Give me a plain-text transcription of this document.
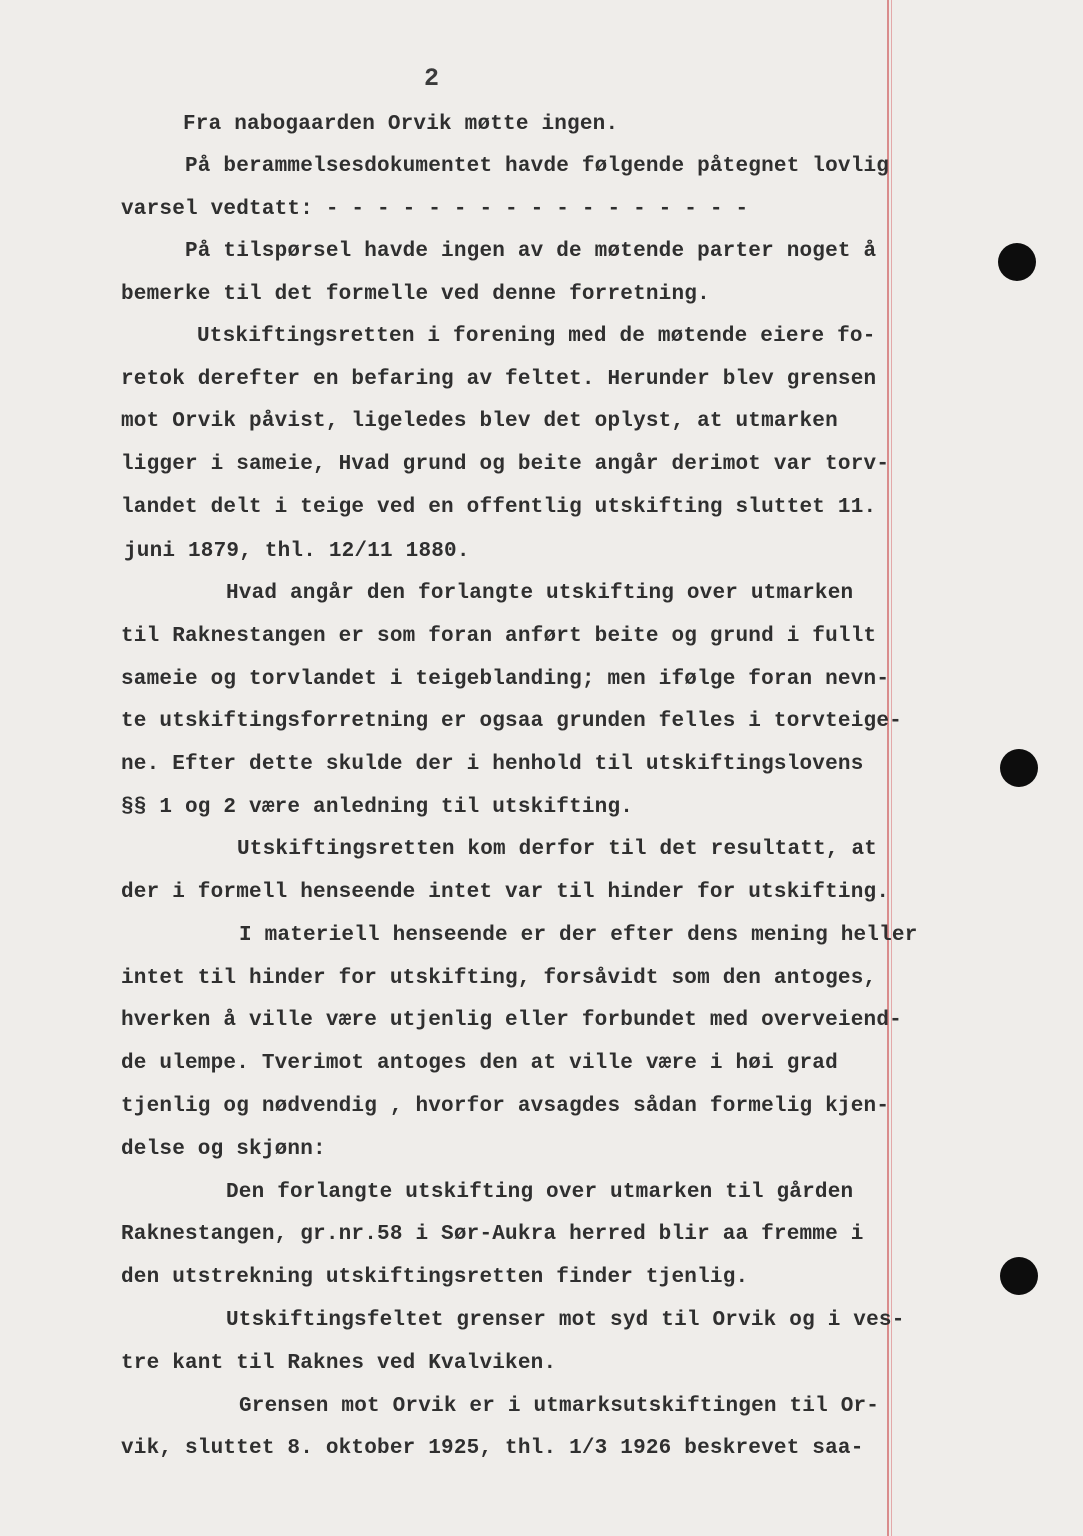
2
Fra nabogaarden Orvik møtte ingen.
På berammelsesdokumentet havde følgende påtegnet lovlig
varsel vedtatt: - - - - - - - - - - - - - - - - -
På tilspørsel havde ingen av de møtende parter noget å
bemerke til det formelle ved denne forretning.
Utskiftingsretten i forening med de møtende eiere fo-
retok derefter en befaring av feltet. Herunder blev grensen
mot Orvik påvist, ligeledes blev det oplyst, at utmarken
ligger i sameie, Hvad grund og beite angår derimot var torv-
landet delt i teige ved en offentlig utskifting sluttet 11.
juni 1879, thl. 12/11 1880.
Hvad angår den forlangte utskifting over utmarken
til Raknestangen er som foran anført beite og grund i fullt
sameie og torvlandet i teigeblanding; men ifølge foran nevn-
te utskiftingsforretning er ogsaa grunden felles i torvteige-
ne. Efter dette skulde der i henhold til utskiftingslovens
§§ 1 og 2 være anledning til utskifting.
Utskiftingsretten kom derfor til det resultatt, at
der i formell henseende intet var til hinder for utskifting.
I materiell henseende er der efter dens mening heller
intet til hinder for utskifting, forsåvidt som den antoges,
hverken å ville være utjenlig eller forbundet med overveiend-
de ulempe. Tverimot antoges den at ville være i høi grad
tjenlig og nødvendig , hvorfor avsagdes sådan formelig kjen-
delse og skjønn:
Den forlangte utskifting over utmarken til gården
Raknestangen, gr.nr.58 i Sør-Aukra herred blir aa fremme i
den utstrekning utskiftingsretten finder tjenlig.
Utskiftingsfeltet grenser mot syd til Orvik og i ves-
tre kant til Raknes ved Kvalviken.
Grensen mot Orvik er i utmarksutskiftingen til Or-
vik, sluttet 8. oktober 1925, thl. 1/3 1926 beskrevet saa-
